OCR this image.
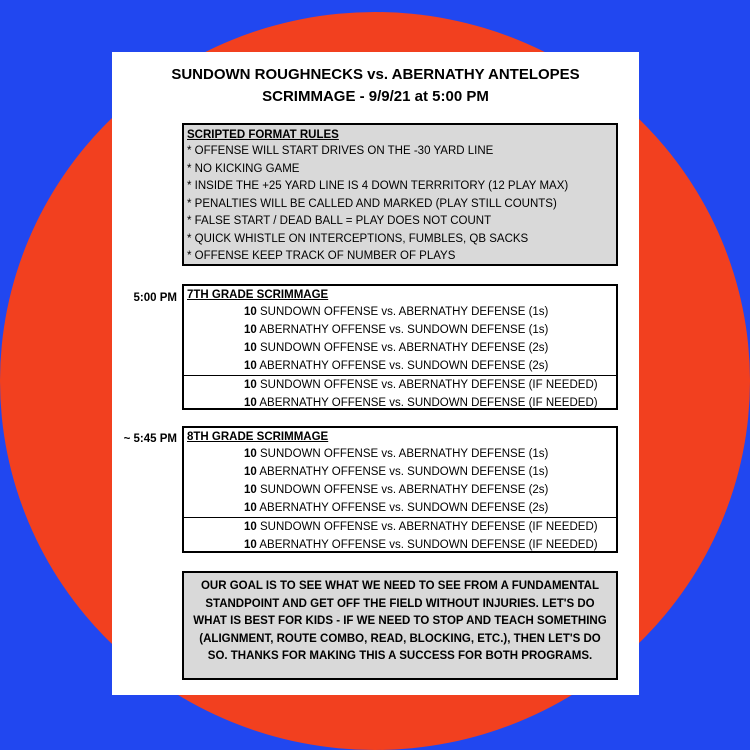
SUNDOWN ROUGHNECKS vs. ABERNATHY ANTELOPES
SCRIMMAGE - 9/9/21 at 5:00 PM
SCRIPTED FORMAT RULES
* OFFENSE WILL START DRIVES ON THE -30 YARD LINE
* NO KICKING GAME
* INSIDE THE +25 YARD LINE IS 4 DOWN TERRRITORY (12 PLAY MAX)
* PENALTIES WILL BE CALLED AND MARKED (PLAY STILL COUNTS)
* FALSE START / DEAD BALL = PLAY DOES NOT COUNT
* QUICK WHISTLE ON INTERCEPTIONS, FUMBLES, QB SACKS
* OFFENSE KEEP TRACK OF NUMBER OF PLAYS
5:00 PM 7TH GRADE SCRIMMAGE
10 SUNDOWN OFFENSE vs. ABERNATHY DEFENSE (1s)
10 ABERNATHY OFFENSE vs. SUNDOWN DEFENSE (1s)
10 SUNDOWN OFFENSE vs. ABERNATHY DEFENSE (2s)
10 ABERNATHY OFFENSE vs. SUNDOWN DEFENSE (2s)
10 SUNDOWN OFFENSE vs. ABERNATHY DEFENSE (IF NEEDED)
10 ABERNATHY OFFENSE vs. SUNDOWN DEFENSE (IF NEEDED)
~ 5:45 PM 8TH GRADE SCRIMMAGE
10 SUNDOWN OFFENSE vs. ABERNATHY DEFENSE (1s)
10 ABERNATHY OFFENSE vs. SUNDOWN DEFENSE (1s)
10 SUNDOWN OFFENSE vs. ABERNATHY DEFENSE (2s)
10 ABERNATHY OFFENSE vs. SUNDOWN DEFENSE (2s)
10 SUNDOWN OFFENSE vs. ABERNATHY DEFENSE (IF NEEDED)
10 ABERNATHY OFFENSE vs. SUNDOWN DEFENSE (IF NEEDED)
OUR GOAL IS TO SEE WHAT WE NEED TO SEE FROM A FUNDAMENTAL STANDPOINT AND GET OFF THE FIELD WITHOUT INJURIES. LET'S DO WHAT IS BEST FOR KIDS - IF WE NEED TO STOP AND TEACH SOMETHING (ALIGNMENT, ROUTE COMBO, READ, BLOCKING, ETC.), THEN LET'S DO SO. THANKS FOR MAKING THIS A SUCCESS FOR BOTH PROGRAMS.
